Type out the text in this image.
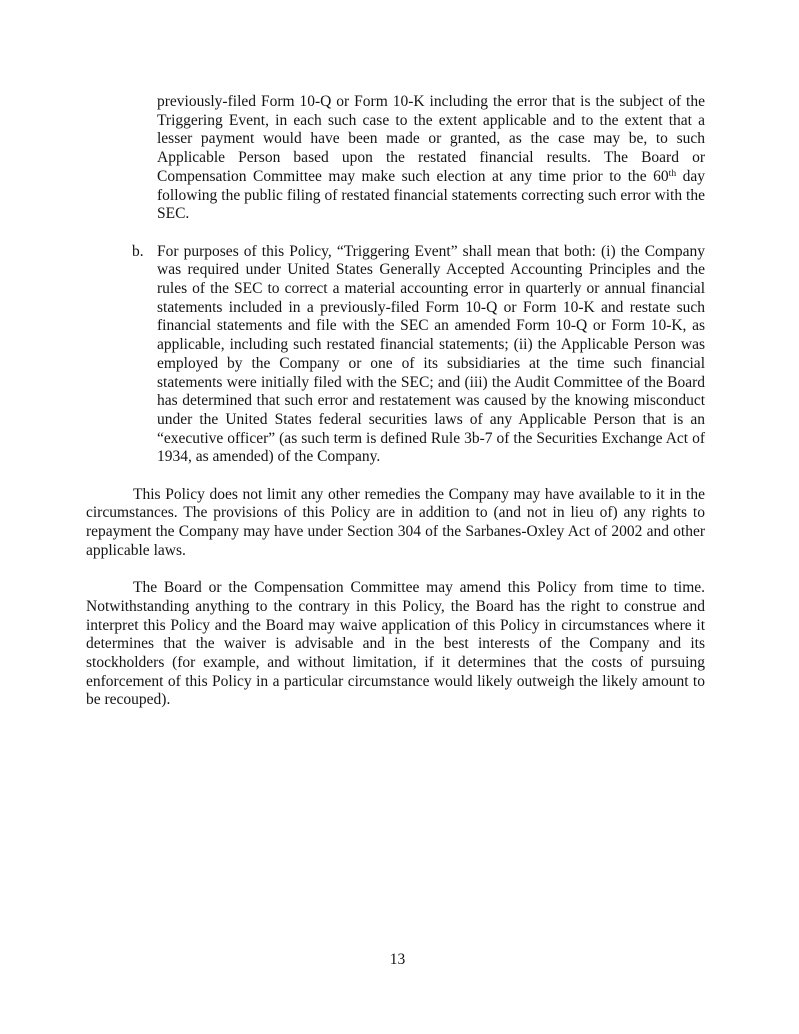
previously-filed Form 10-Q or Form 10-K including the error that is the subject of the Triggering Event, in each such case to the extent applicable and to the extent that a lesser payment would have been made or granted, as the case may be, to such Applicable Person based upon the restated financial results. The Board or Compensation Committee may make such election at any time prior to the 60th day following the public filing of restated financial statements correcting such error with the SEC.

b. For purposes of this Policy, “Triggering Event” shall mean that both: (i) the Company was required under United States Generally Accepted Accounting Principles and the rules of the SEC to correct a material accounting error in quarterly or annual financial statements included in a previously-filed Form 10-Q or Form 10-K and restate such financial statements and file with the SEC an amended Form 10-Q or Form 10-K, as applicable, including such restated financial statements; (ii) the Applicable Person was employed by the Company or one of its subsidiaries at the time such financial statements were initially filed with the SEC; and (iii) the Audit Committee of the Board has determined that such error and restatement was caused by the knowing misconduct under the United States federal securities laws of any Applicable Person that is an “executive officer” (as such term is defined Rule 3b-7 of the Securities Exchange Act of 1934, as amended) of the Company.

This Policy does not limit any other remedies the Company may have available to it in the circumstances. The provisions of this Policy are in addition to (and not in lieu of) any rights to repayment the Company may have under Section 304 of the Sarbanes-Oxley Act of 2002 and other applicable laws.

The Board or the Compensation Committee may amend this Policy from time to time. Notwithstanding anything to the contrary in this Policy, the Board has the right to construe and interpret this Policy and the Board may waive application of this Policy in circumstances where it determines that the waiver is advisable and in the best interests of the Company and its stockholders (for example, and without limitation, if it determines that the costs of pursuing enforcement of this Policy in a particular circumstance would likely outweigh the likely amount to be recouped).

13
